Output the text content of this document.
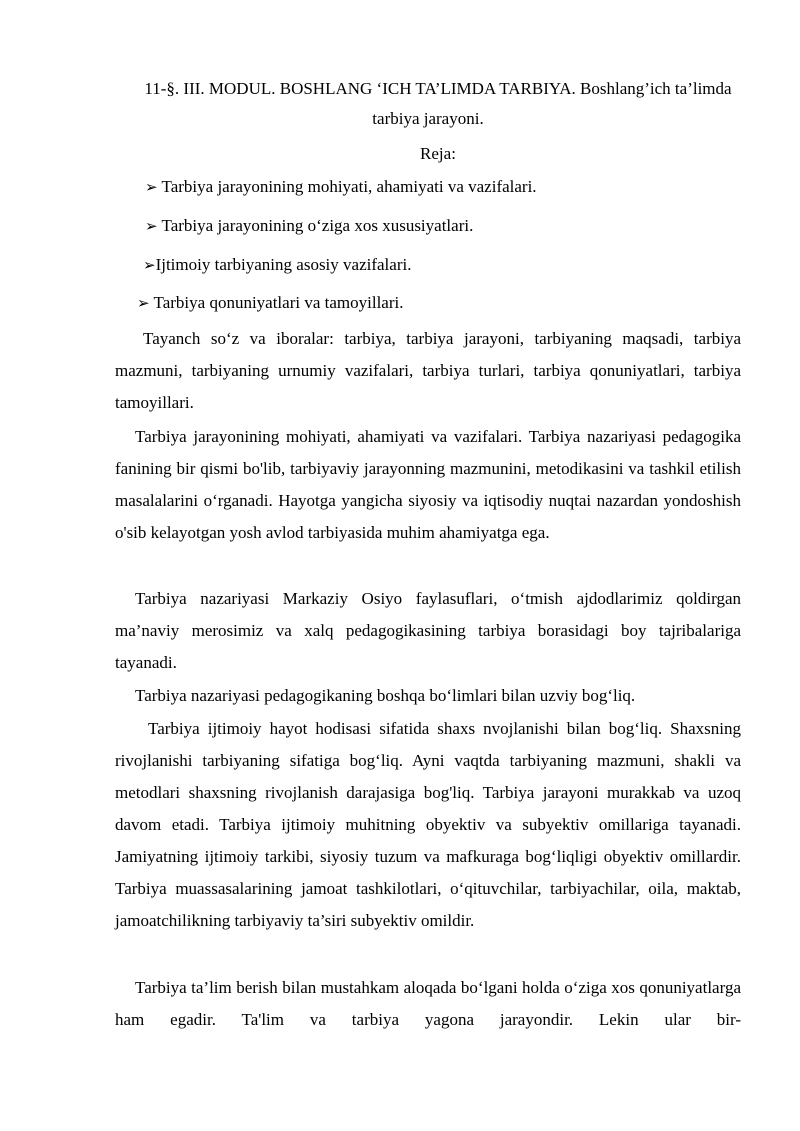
11-§. III. MODUL. BOSHLANG ‘ICH TA’LIMDA TARBIYA. Boshlang’ich ta’limda tarbiya jarayoni.
Reja:
➢ Tarbiya jarayonining mohiyati, ahamiyati va vazifalari.
➢ Tarbiya jarayonining o‘ziga xos xususiyatlari.
➢Ijtimoiy tarbiyaning asosiy vazifalari.
➢ Tarbiya qonuniyatlari va tamoyillari.
Tayanch so‘z va iboralar: tarbiya, tarbiya jarayoni, tarbiyaning maqsadi, tarbiya mazmuni, tarbiyaning urnumiy vazifalari, tarbiya turlari, tarbiya qonuniyatlari, tarbiya tamoyillari.
Tarbiya jarayonining mohiyati, ahamiyati va vazifalari. Tarbiya nazariyasi pedagogika fanining bir qismi bo'lib, tarbiyaviy jarayonning mazmunini, metodikasini va tashkil etilish masalalarini o‘rganadi. Hayotga yangicha siyosiy va iqtisodiy nuqtai nazardan yondoshish o'sib kelayotgan yosh avlod tarbiyasida muhim ahamiyatga ega.
Tarbiya nazariyasi Markaziy Osiyo faylasuflari, o‘tmish ajdodlarimiz qoldirgan ma’naviy merosimiz va xalq pedagogikasining tarbiya borasidagi boy tajribalariga tayanadi.
Tarbiya nazariyasi pedagogikaning boshqa bo‘limlari bilan uzviy bog‘liq.
Tarbiya ijtimoiy hayot hodisasi sifatida shaxs nvojlanishi bilan bog‘liq. Shaxsning rivojlanishi tarbiyaning sifatiga bog‘liq. Ayni vaqtda tarbiyaning mazmuni, shakli va metodlari shaxsning rivojlanish darajasiga bog'liq. Tarbiya jarayoni murakkab va uzoq davom etadi. Tarbiya ijtimoiy muhitning obyektiv va subyektiv omillariga tayanadi. Jamiyatning ijtimoiy tarkibi, siyosiy tuzum va mafkuraga bog‘liqligi obyektiv omillardir. Tarbiya muassasalarining jamoat tashkilotlari, o‘qituvchilar, tarbiyachilar, oila, maktab, jamoatchilikning tarbiyaviy ta’siri subyektiv omildir.
Tarbiya ta’lim berish bilan mustahkam aloqada bo‘lgani holda o‘ziga xos qonuniyatlarga ham egadir. Ta'lim va tarbiya yagona jarayondir. Lekin ular bir-
